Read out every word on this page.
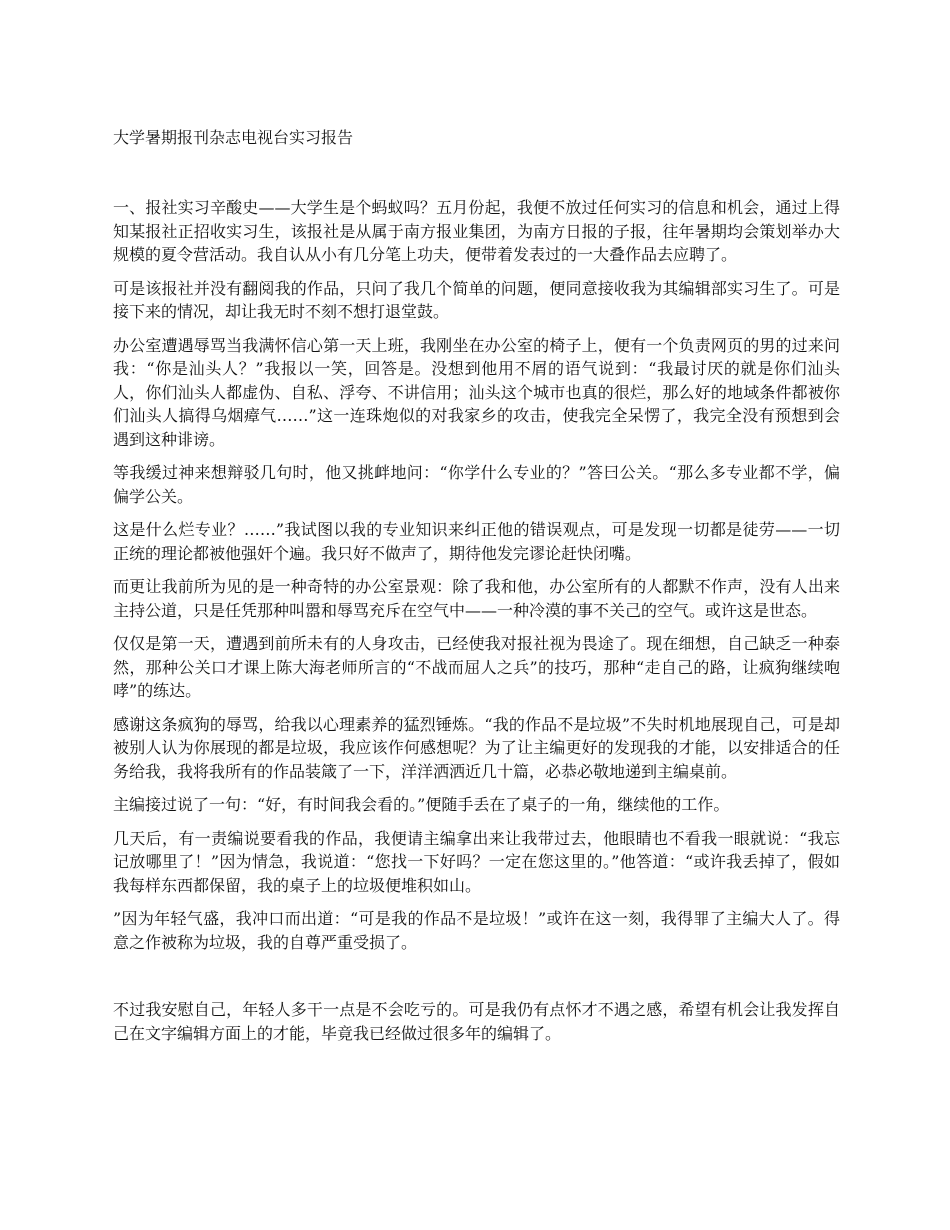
大学暑期报刊杂志电视台实习报告

一、报社实习辛酸史——大学生是个蚂蚁吗？五月份起，我便不放过任何实习的信息和机会，通过上得知某报社正招收实习生，该报社是从属于南方报业集团，为南方日报的子报，往年暑期均会策划举办大规模的夏令营活动。我自认从小有几分笔上功夫，便带着发表过的一大叠作品去应聘了。

可是该报社并没有翻阅我的作品，只问了我几个简单的问题，便同意接收我为其编辑部实习生了。可是接下来的情况，却让我无时不刻不想打退堂鼓。

办公室遭遇辱骂当我满怀信心第一天上班，我刚坐在办公室的椅子上，便有一个负责网页的男的过来问我：“你是汕头人？”我报以一笑，回答是。没想到他用不屑的语气说到：“我最讨厌的就是你们汕头人，你们汕头人都虚伪、自私、浮夸、不讲信用；汕头这个城市也真的很烂，那么好的地域条件都被你们汕头人搞得乌烟瘴气……”这一连珠炮似的对我家乡的攻击，使我完全呆愣了，我完全没有预想到会遇到这种诽谤。

等我缓过神来想辩驳几句时，他又挑衅地问：“你学什么专业的？”答曰公关。“那么多专业都不学，偏偏学公关。

这是什么烂专业？……”我试图以我的专业知识来纠正他的错误观点，可是发现一切都是徒劳——一切正统的理论都被他强奸个遍。我只好不做声了，期待他发完谬论赶快闭嘴。

而更让我前所为见的是一种奇特的办公室景观：除了我和他，办公室所有的人都默不作声，没有人出来主持公道，只是任凭那种叫嚣和辱骂充斥在空气中——一种冷漠的事不关己的空气。或许这是世态。

仅仅是第一天，遭遇到前所未有的人身攻击，已经使我对报社视为畏途了。现在细想，自己缺乏一种泰然，那种公关口才课上陈大海老师所言的“不战而屈人之兵”的技巧，那种“走自己的路，让疯狗继续咆哮”的练达。

感谢这条疯狗的辱骂，给我以心理素养的猛烈锤炼。“我的作品不是垃圾”不失时机地展现自己，可是却被别人认为你展现的都是垃圾，我应该作何感想呢？为了让主编更好的发现我的才能，以安排适合的任务给我，我将我所有的作品装箴了一下，洋洋洒洒近几十篇，必恭必敬地递到主编桌前。

主编接过说了一句：“好，有时间我会看的。”便随手丢在了桌子的一角，继续他的工作。

几天后，有一责编说要看我的作品，我便请主编拿出来让我带过去，他眼睛也不看我一眼就说：“我忘记放哪里了！”因为情急，我说道：“您找一下好吗？一定在您这里的。”他答道：“或许我丢掉了，假如我每样东西都保留，我的桌子上的垃圾便堆积如山。

”因为年轻气盛，我冲口而出道：“可是我的作品不是垃圾！”或许在这一刻，我得罪了主编大人了。得意之作被称为垃圾，我的自尊严重受损了。

不过我安慰自己，年轻人多干一点是不会吃亏的。可是我仍有点怀才不遇之感，希望有机会让我发挥自己在文字编辑方面上的才能，毕竟我已经做过很多年的编辑了。
